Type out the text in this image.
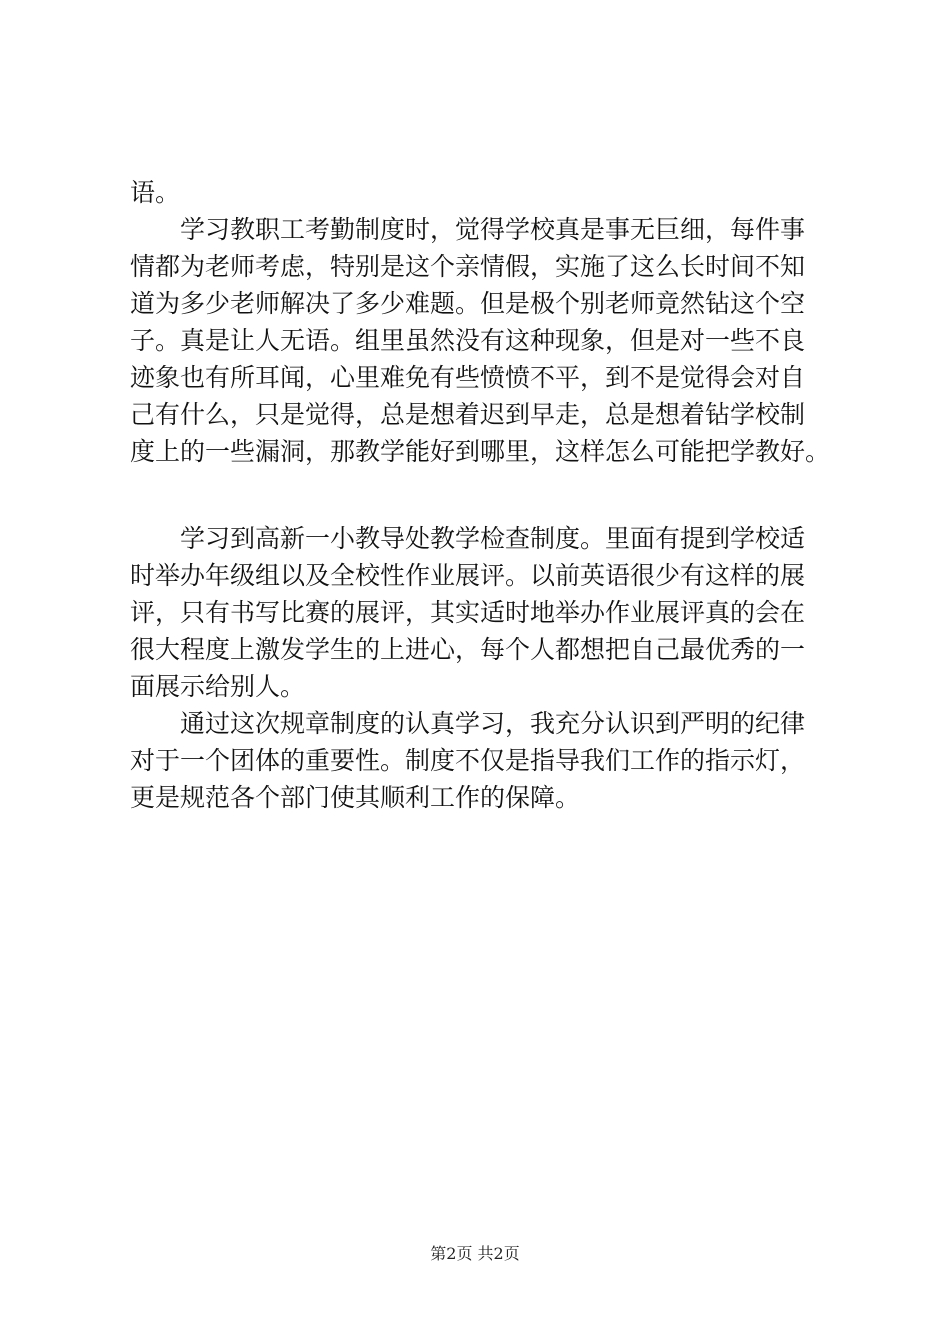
语。
　　学习教职工考勤制度时，觉得学校真是事无巨细，每件事
情都为老师考虑，特别是这个亲情假，实施了这么长时间不知
道为多少老师解决了多少难题。但是极个别老师竟然钻这个空
子。真是让人无语。组里虽然没有这种现象，但是对一些不良
迹象也有所耳闻，心里难免有些愤愤不平，到不是觉得会对自
己有什么，只是觉得，总是想着迟到早走，总是想着钻学校制
度上的一些漏洞，那教学能好到哪里，这样怎么可能把学教好。
　　学习到高新一小教导处教学检查制度。里面有提到学校适
时举办年级组以及全校性作业展评。以前英语很少有这样的展
评，只有书写比赛的展评，其实适时地举办作业展评真的会在
很大程度上激发学生的上进心，每个人都想把自己最优秀的一
面展示给别人。
　　通过这次规章制度的认真学习，我充分认识到严明的纪律
对于一个团体的重要性。制度不仅是指导我们工作的指示灯，
更是规范各个部门使其顺利工作的保障。
第2页 共2页
